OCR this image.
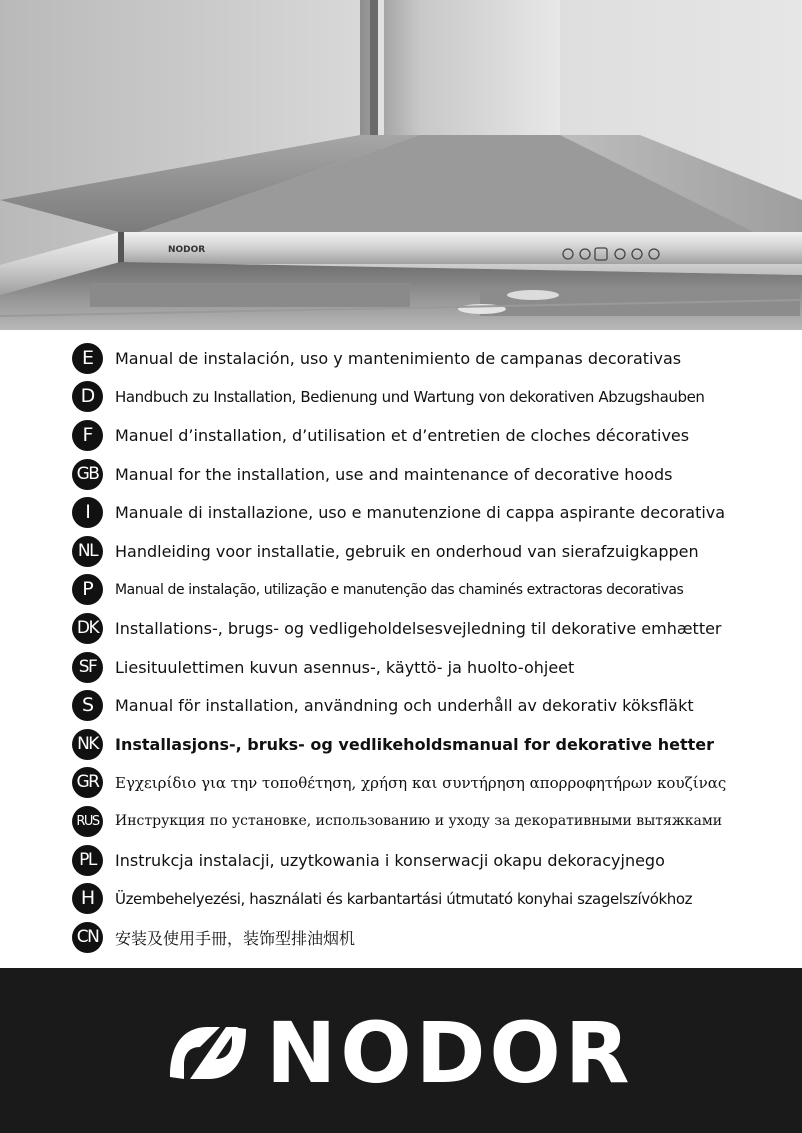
NODOR
E	Manual de instalación, uso y mantenimiento de campanas decorativas
D	Handbuch zu Installation, Bedienung und Wartung von dekorativen Abzugshauben
F	Manuel d’installation, d’utilisation et d’entretien de cloches décoratives
GB Manual for the installation, use and maintenance of decorative hoods
I	Manuale di installazione, uso e manutenzione di cappa aspirante decorativa
NL	Handleiding voor installatie, gebruik en onderhoud van sierafzuigkappen
P	Manual de instalação, utilização e manutenção das chaminés extractoras decorativas
DK	Installations-, brugs- og vedligeholdelsesvejledning til dekorative emhætter
SF	Liesituulettimen kuvun asennus-, käyttö- ja huolto-ohjeet
S	Manual för installation, användning och underhåll av dekorativ köksfläkt
NK	Installasjons-, bruks- og vedlikeholdsmanual for dekorative hetter
GR	Εγχειρίδιο για την τοποθέτηση, χρήση και συντήρηση απορροφητήρων κουζίνας
RUS	Инструкция по установке, использованию и уходу за декоративными вытяжками
PL	Instrukcja instalacji, uzytkowania i konserwacji okapu dekoracyjnego
H	Üzembehelyezési, használati és karbantartási útmutató konyhai szagelszívókhoz
CN 安装及使用手冊，装饰型排油烟机
NODOR
